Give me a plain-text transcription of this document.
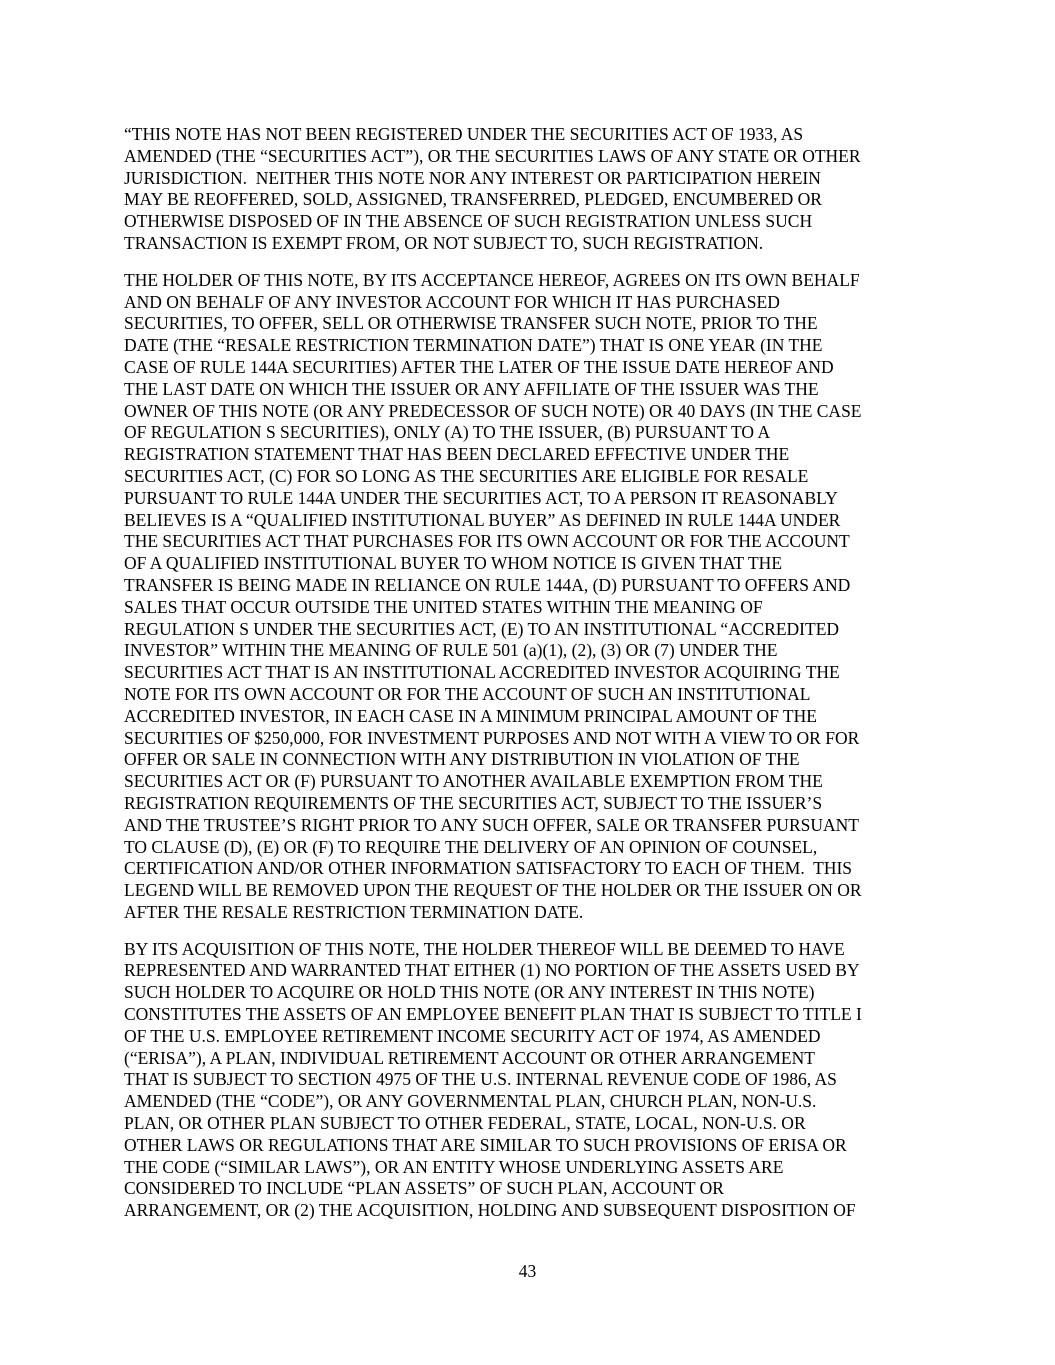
“THIS NOTE HAS NOT BEEN REGISTERED UNDER THE SECURITIES ACT OF 1933, AS
AMENDED (THE “SECURITIES ACT”), OR THE SECURITIES LAWS OF ANY STATE OR OTHER
JURISDICTION.  NEITHER THIS NOTE NOR ANY INTEREST OR PARTICIPATION HEREIN
MAY BE REOFFERED, SOLD, ASSIGNED, TRANSFERRED, PLEDGED, ENCUMBERED OR
OTHERWISE DISPOSED OF IN THE ABSENCE OF SUCH REGISTRATION UNLESS SUCH
TRANSACTION IS EXEMPT FROM, OR NOT SUBJECT TO, SUCH REGISTRATION.

THE HOLDER OF THIS NOTE, BY ITS ACCEPTANCE HEREOF, AGREES ON ITS OWN BEHALF
AND ON BEHALF OF ANY INVESTOR ACCOUNT FOR WHICH IT HAS PURCHASED
SECURITIES, TO OFFER, SELL OR OTHERWISE TRANSFER SUCH NOTE, PRIOR TO THE
DATE (THE “RESALE RESTRICTION TERMINATION DATE”) THAT IS ONE YEAR (IN THE
CASE OF RULE 144A SECURITIES) AFTER THE LATER OF THE ISSUE DATE HEREOF AND
THE LAST DATE ON WHICH THE ISSUER OR ANY AFFILIATE OF THE ISSUER WAS THE
OWNER OF THIS NOTE (OR ANY PREDECESSOR OF SUCH NOTE) OR 40 DAYS (IN THE CASE
OF REGULATION S SECURITIES), ONLY (A) TO THE ISSUER, (B) PURSUANT TO A
REGISTRATION STATEMENT THAT HAS BEEN DECLARED EFFECTIVE UNDER THE
SECURITIES ACT, (C) FOR SO LONG AS THE SECURITIES ARE ELIGIBLE FOR RESALE
PURSUANT TO RULE 144A UNDER THE SECURITIES ACT, TO A PERSON IT REASONABLY
BELIEVES IS A “QUALIFIED INSTITUTIONAL BUYER” AS DEFINED IN RULE 144A UNDER
THE SECURITIES ACT THAT PURCHASES FOR ITS OWN ACCOUNT OR FOR THE ACCOUNT
OF A QUALIFIED INSTITUTIONAL BUYER TO WHOM NOTICE IS GIVEN THAT THE
TRANSFER IS BEING MADE IN RELIANCE ON RULE 144A, (D) PURSUANT TO OFFERS AND
SALES THAT OCCUR OUTSIDE THE UNITED STATES WITHIN THE MEANING OF
REGULATION S UNDER THE SECURITIES ACT, (E) TO AN INSTITUTIONAL “ACCREDITED
INVESTOR” WITHIN THE MEANING OF RULE 501 (a)(1), (2), (3) OR (7) UNDER THE
SECURITIES ACT THAT IS AN INSTITUTIONAL ACCREDITED INVESTOR ACQUIRING THE
NOTE FOR ITS OWN ACCOUNT OR FOR THE ACCOUNT OF SUCH AN INSTITUTIONAL
ACCREDITED INVESTOR, IN EACH CASE IN A MINIMUM PRINCIPAL AMOUNT OF THE
SECURITIES OF $250,000, FOR INVESTMENT PURPOSES AND NOT WITH A VIEW TO OR FOR
OFFER OR SALE IN CONNECTION WITH ANY DISTRIBUTION IN VIOLATION OF THE
SECURITIES ACT OR (F) PURSUANT TO ANOTHER AVAILABLE EXEMPTION FROM THE
REGISTRATION REQUIREMENTS OF THE SECURITIES ACT, SUBJECT TO THE ISSUER’S
AND THE TRUSTEE’S RIGHT PRIOR TO ANY SUCH OFFER, SALE OR TRANSFER PURSUANT
TO CLAUSE (D), (E) OR (F) TO REQUIRE THE DELIVERY OF AN OPINION OF COUNSEL,
CERTIFICATION AND/OR OTHER INFORMATION SATISFACTORY TO EACH OF THEM.  THIS
LEGEND WILL BE REMOVED UPON THE REQUEST OF THE HOLDER OR THE ISSUER ON OR
AFTER THE RESALE RESTRICTION TERMINATION DATE.

BY ITS ACQUISITION OF THIS NOTE, THE HOLDER THEREOF WILL BE DEEMED TO HAVE
REPRESENTED AND WARRANTED THAT EITHER (1) NO PORTION OF THE ASSETS USED BY
SUCH HOLDER TO ACQUIRE OR HOLD THIS NOTE (OR ANY INTEREST IN THIS NOTE)
CONSTITUTES THE ASSETS OF AN EMPLOYEE BENEFIT PLAN THAT IS SUBJECT TO TITLE I
OF THE U.S. EMPLOYEE RETIREMENT INCOME SECURITY ACT OF 1974, AS AMENDED
(“ERISA”), A PLAN, INDIVIDUAL RETIREMENT ACCOUNT OR OTHER ARRANGEMENT
THAT IS SUBJECT TO SECTION 4975 OF THE U.S. INTERNAL REVENUE CODE OF 1986, AS
AMENDED (THE “CODE”), OR ANY GOVERNMENTAL PLAN, CHURCH PLAN, NON-U.S.
PLAN, OR OTHER PLAN SUBJECT TO OTHER FEDERAL, STATE, LOCAL, NON-U.S. OR
OTHER LAWS OR REGULATIONS THAT ARE SIMILAR TO SUCH PROVISIONS OF ERISA OR
THE CODE (“SIMILAR LAWS”), OR AN ENTITY WHOSE UNDERLYING ASSETS ARE
CONSIDERED TO INCLUDE “PLAN ASSETS” OF SUCH PLAN, ACCOUNT OR
ARRANGEMENT, OR (2) THE ACQUISITION, HOLDING AND SUBSEQUENT DISPOSITION OF

43
